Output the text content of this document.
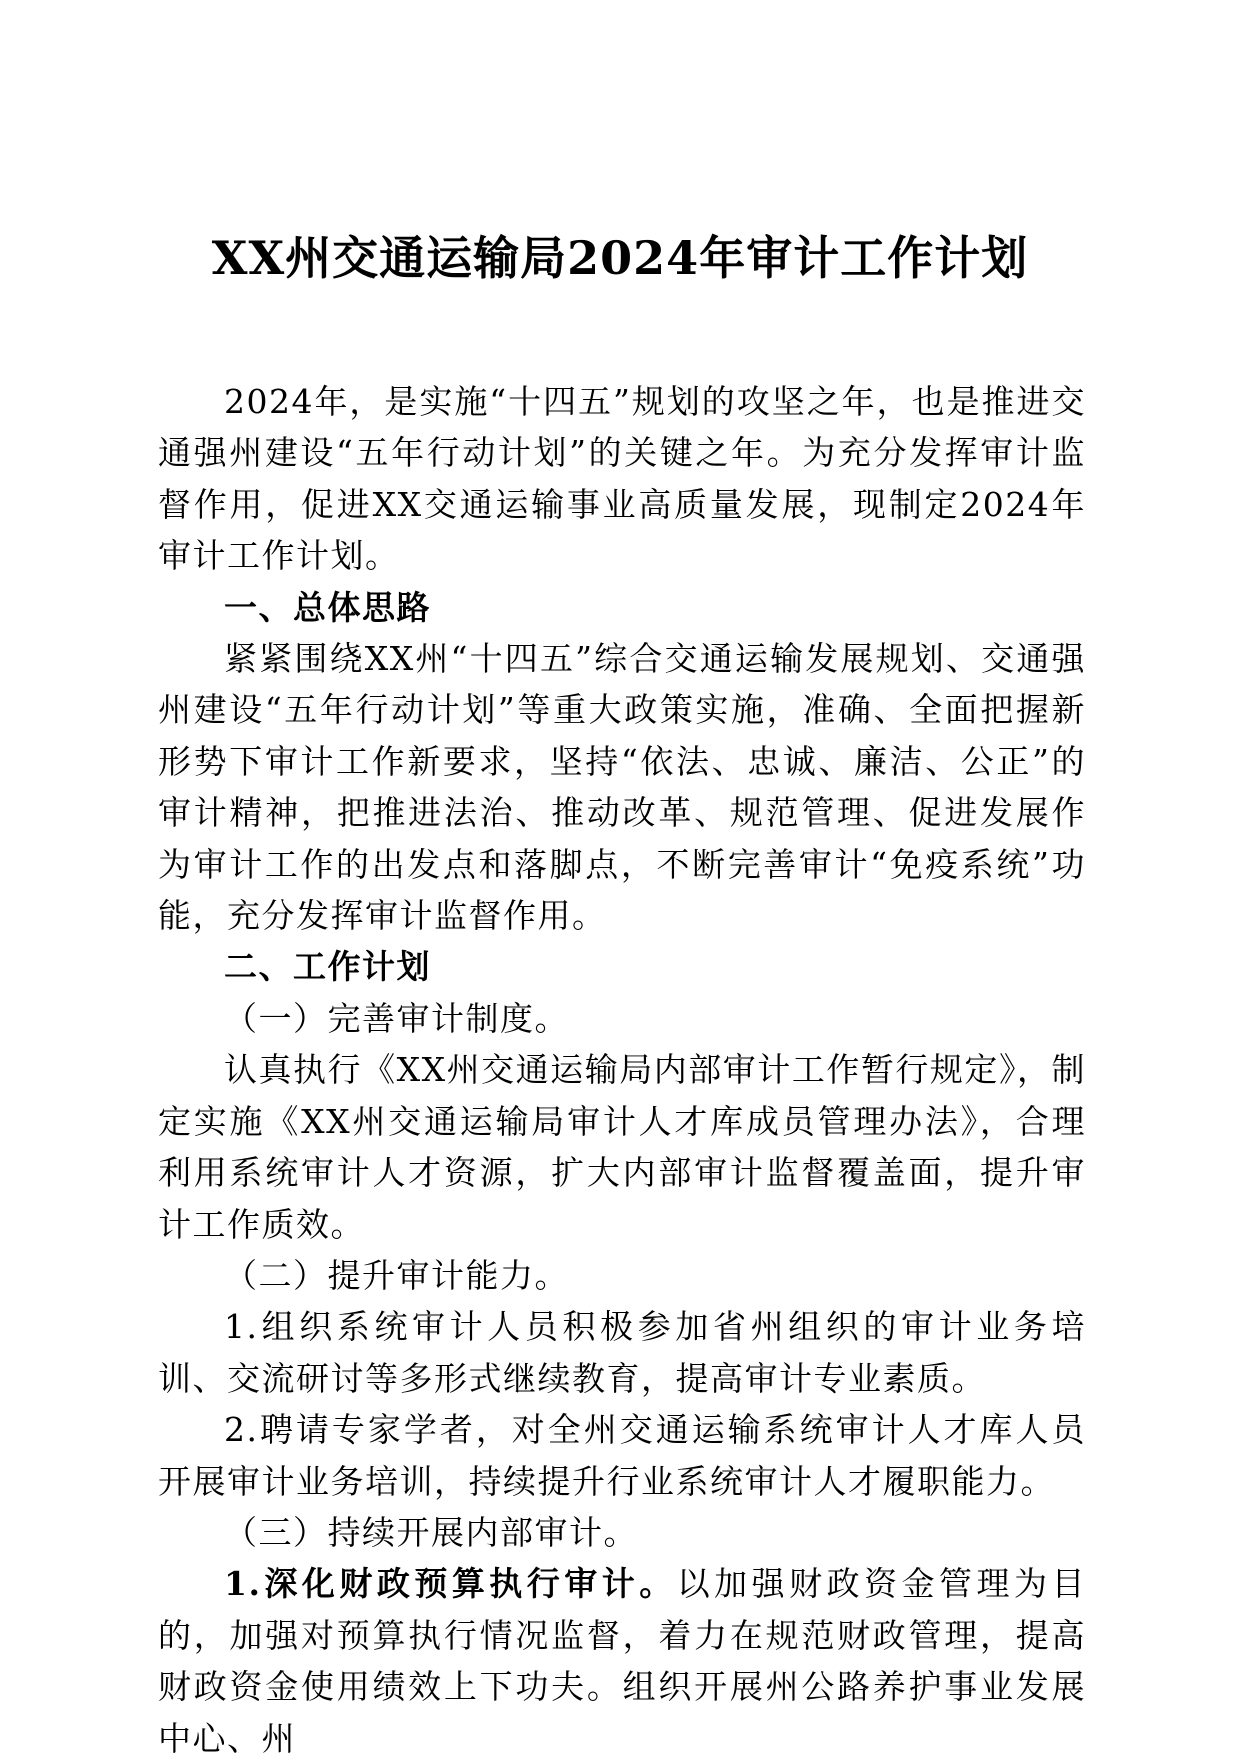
XX州交通运输局2024年审计工作计划

2024年，是实施“十四五”规划的攻坚之年，也是推进交通强州建设“五年行动计划”的关键之年。为充分发挥审计监督作用，促进XX交通运输事业高质量发展，现制定2024年审计工作计划。

一、总体思路

紧紧围绕XX州“十四五”综合交通运输发展规划、交通强州建设“五年行动计划”等重大政策实施，准确、全面把握新形势下审计工作新要求，坚持“依法、忠诚、廉洁、公正”的审计精神，把推进法治、推动改革、规范管理、促进发展作为审计工作的出发点和落脚点，不断完善审计“免疫系统”功能，充分发挥审计监督作用。

二、工作计划

（一）完善审计制度。

认真执行《XX州交通运输局内部审计工作暂行规定》，制定实施《XX州交通运输局审计人才库成员管理办法》，合理利用系统审计人才资源，扩大内部审计监督覆盖面，提升审计工作质效。

（二）提升审计能力。

1.组织系统审计人员积极参加省州组织的审计业务培训、交流研讨等多形式继续教育，提高审计专业素质。

2.聘请专家学者，对全州交通运输系统审计人才库人员开展审计业务培训，持续提升行业系统审计人才履职能力。

（三）持续开展内部审计。

1.深化财政预算执行审计。以加强财政资金管理为目的，加强对预算执行情况监督，着力在规范财政管理，提高财政资金使用绩效上下功夫。组织开展州公路养护事业发展中心、州
